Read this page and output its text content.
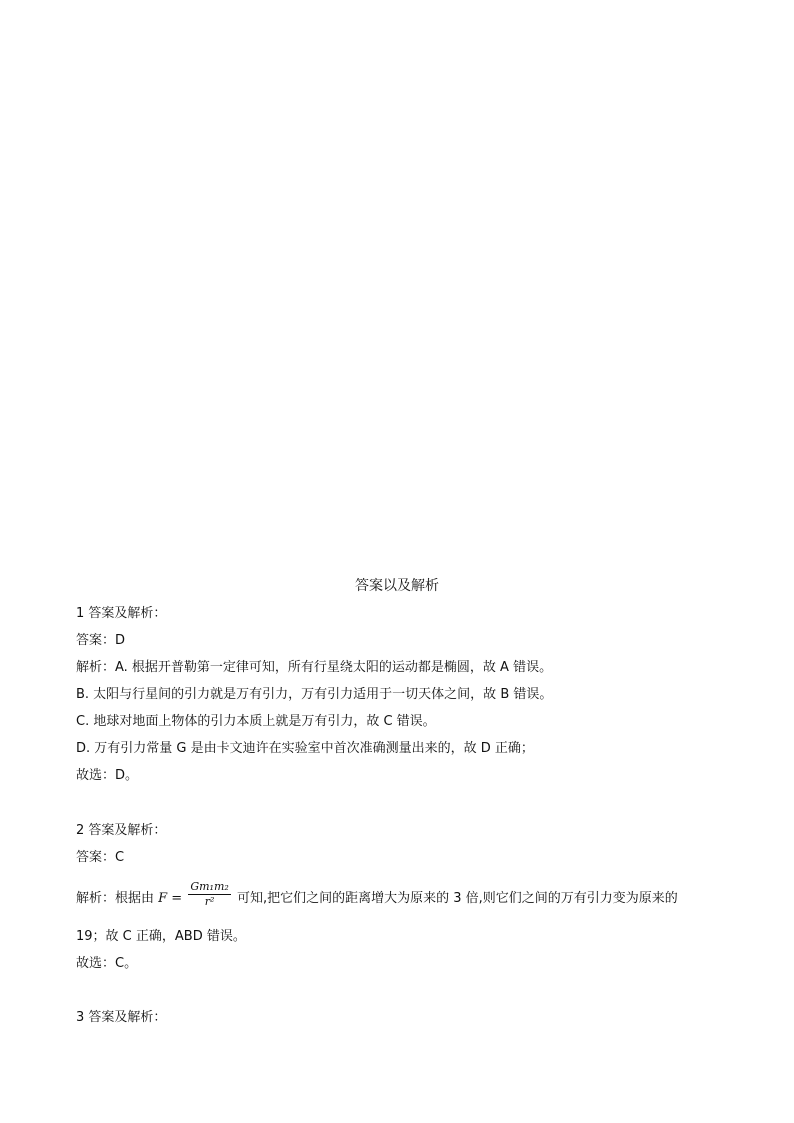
答案以及解析
1 答案及解析：
答案：D
解析：A. 根据开普勒第一定律可知，所有行星绕太阳的运动都是椭圆，故 A 错误。
B. 太阳与行星间的引力就是万有引力，万有引力适用于一切天体之间，故 B 错误。
C. 地球对地面上物体的引力本质上就是万有引力，故 C 错误。
D. 万有引力常量 G 是由卡文迪许在实验室中首次准确测量出来的，故 D 正确；
故选：D。
2 答案及解析：
答案：C
解析：根据由 $F = \frac{\text{Gm₁m₂}}{\text{r²}}$ 可知,把它们之间的距离增大为原来的 3 倍,则它们之间的万有引力变为原来的
19；故 C 正确，ABD 错误。
故选：C。
3 答案及解析：
